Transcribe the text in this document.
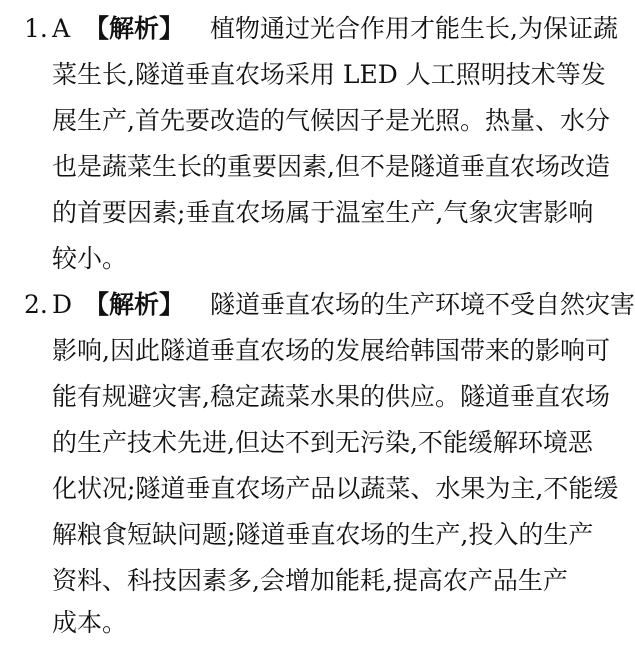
1. A 【解析】 植物通过光合作用才能生长,为保证蔬
菜生长,隧道垂直农场采用 LED 人工照明技术等发
展生产,首先要改造的气候因子是光照。热量、水分
也是蔬菜生长的重要因素,但不是隧道垂直农场改造
的首要因素;垂直农场属于温室生产,气象灾害影响
较小。
2. D 【解析】 隧道垂直农场的生产环境不受自然灾害
影响,因此隧道垂直农场的发展给韩国带来的影响可
能有规避灾害,稳定蔬菜水果的供应。隧道垂直农场
的生产技术先进,但达不到无污染,不能缓解环境恶
化状况;隧道垂直农场产品以蔬菜、水果为主,不能缓
解粮食短缺问题;隧道垂直农场的生产,投入的生产
资料、科技因素多,会增加能耗,提高农产品生产
成本。
